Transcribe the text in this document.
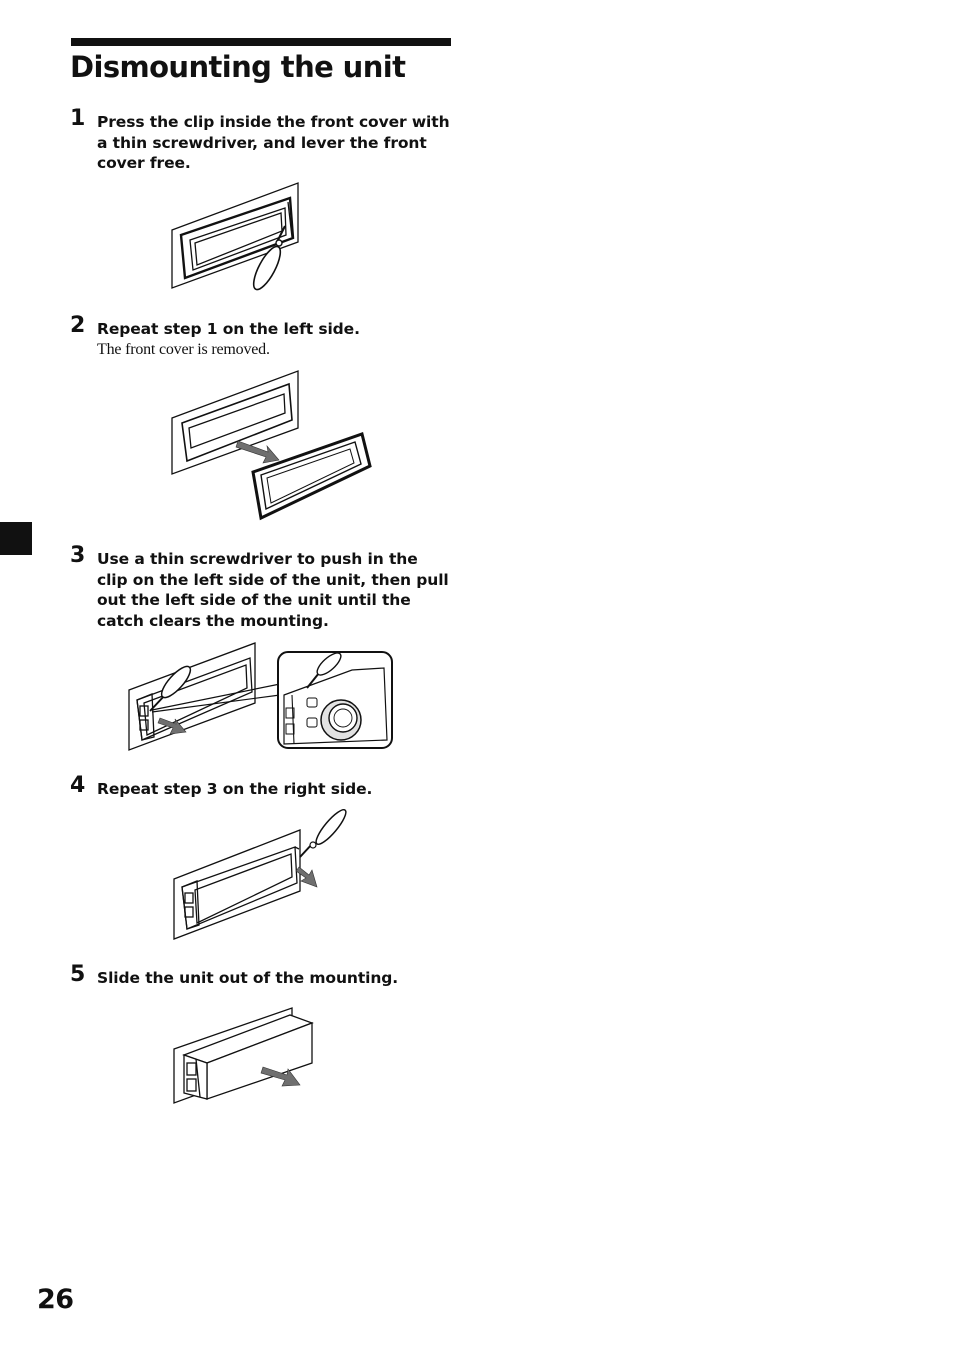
Dismounting the unit
1 Press the clip inside the front cover with a thin screwdriver, and lever the front cover free.
2 Repeat step 1 on the left side.
The front cover is removed.
3 Use a thin screwdriver to push in the clip on the left side of the unit, then pull out the left side of the unit until the catch clears the mounting.
4 Repeat step 3 on the right side.
5 Slide the unit out of the mounting.
26
